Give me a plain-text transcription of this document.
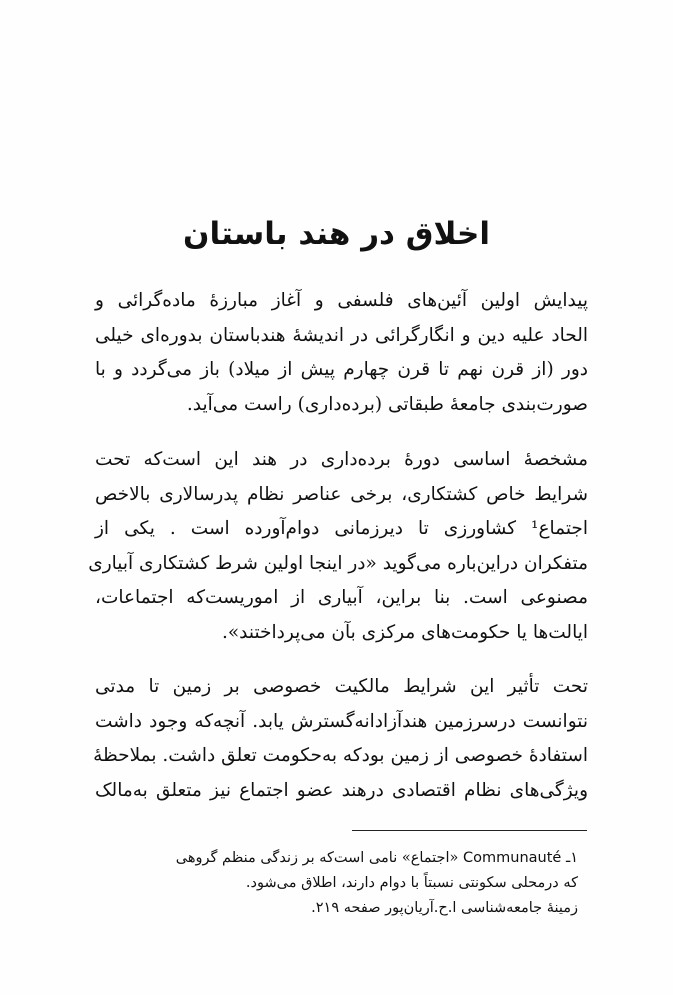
اخلاق در هند باستان
پیدایش اولین آئین‌های فلسفی و آغاز مبارزهٔ ماده‌گرائی و
الحاد علیه دین و انگارگرائی در اندیشهٔ هندباستان بدوره‌ای خیلی
دور (از قرن نهم تا قرن چهارم پیش از میلاد) باز می‌گردد و با
صورت‌بندی جامعهٔ طبقاتی (برده‌داری) راست می‌آید.
مشخصهٔ اساسی دورهٔ برده‌داری در هند این است‌که تحت
شرایط خاص کشتکاری، برخی عناصر نظام پدرسالاری بالاخص
اجتماع¹ کشاورزی تا دیرزمانی دوام‌آورده است . یکی از
متفکران دراین‌باره می‌گوید «در اینجا اولین شرط کشتکاری آبیاری
مصنوعی است. بنا براین، آبیاری از اموریست‌که اجتماعات،
ایالت‌ها یا حکومت‌های مرکزی بآن می‌پرداختند».
تحت تأثیر این شرایط مالکیت خصوصی بر زمین تا مدتی
نتوانست درسرزمین هندآزادانه‌گسترش یابد. آنچه‌که وجود داشت
استفادهٔ خصوصی از زمین بودکه به‌حکومت تعلق داشت. بملاحظهٔ
ویژگی‌های نظام اقتصادی درهند عضو اجتماع نیز متعلق به‌مالک
۱ـ Communauté «اجتماع» نامی است‌که بر زندگی منظم گروهی
که درمحلی سکونتی نسبتاً با دوام دارند، اطلاق می‌شود.
زمینهٔ جامعه‌شناسی ا.ح.آریان‌پور صفحه ۲۱۹.
